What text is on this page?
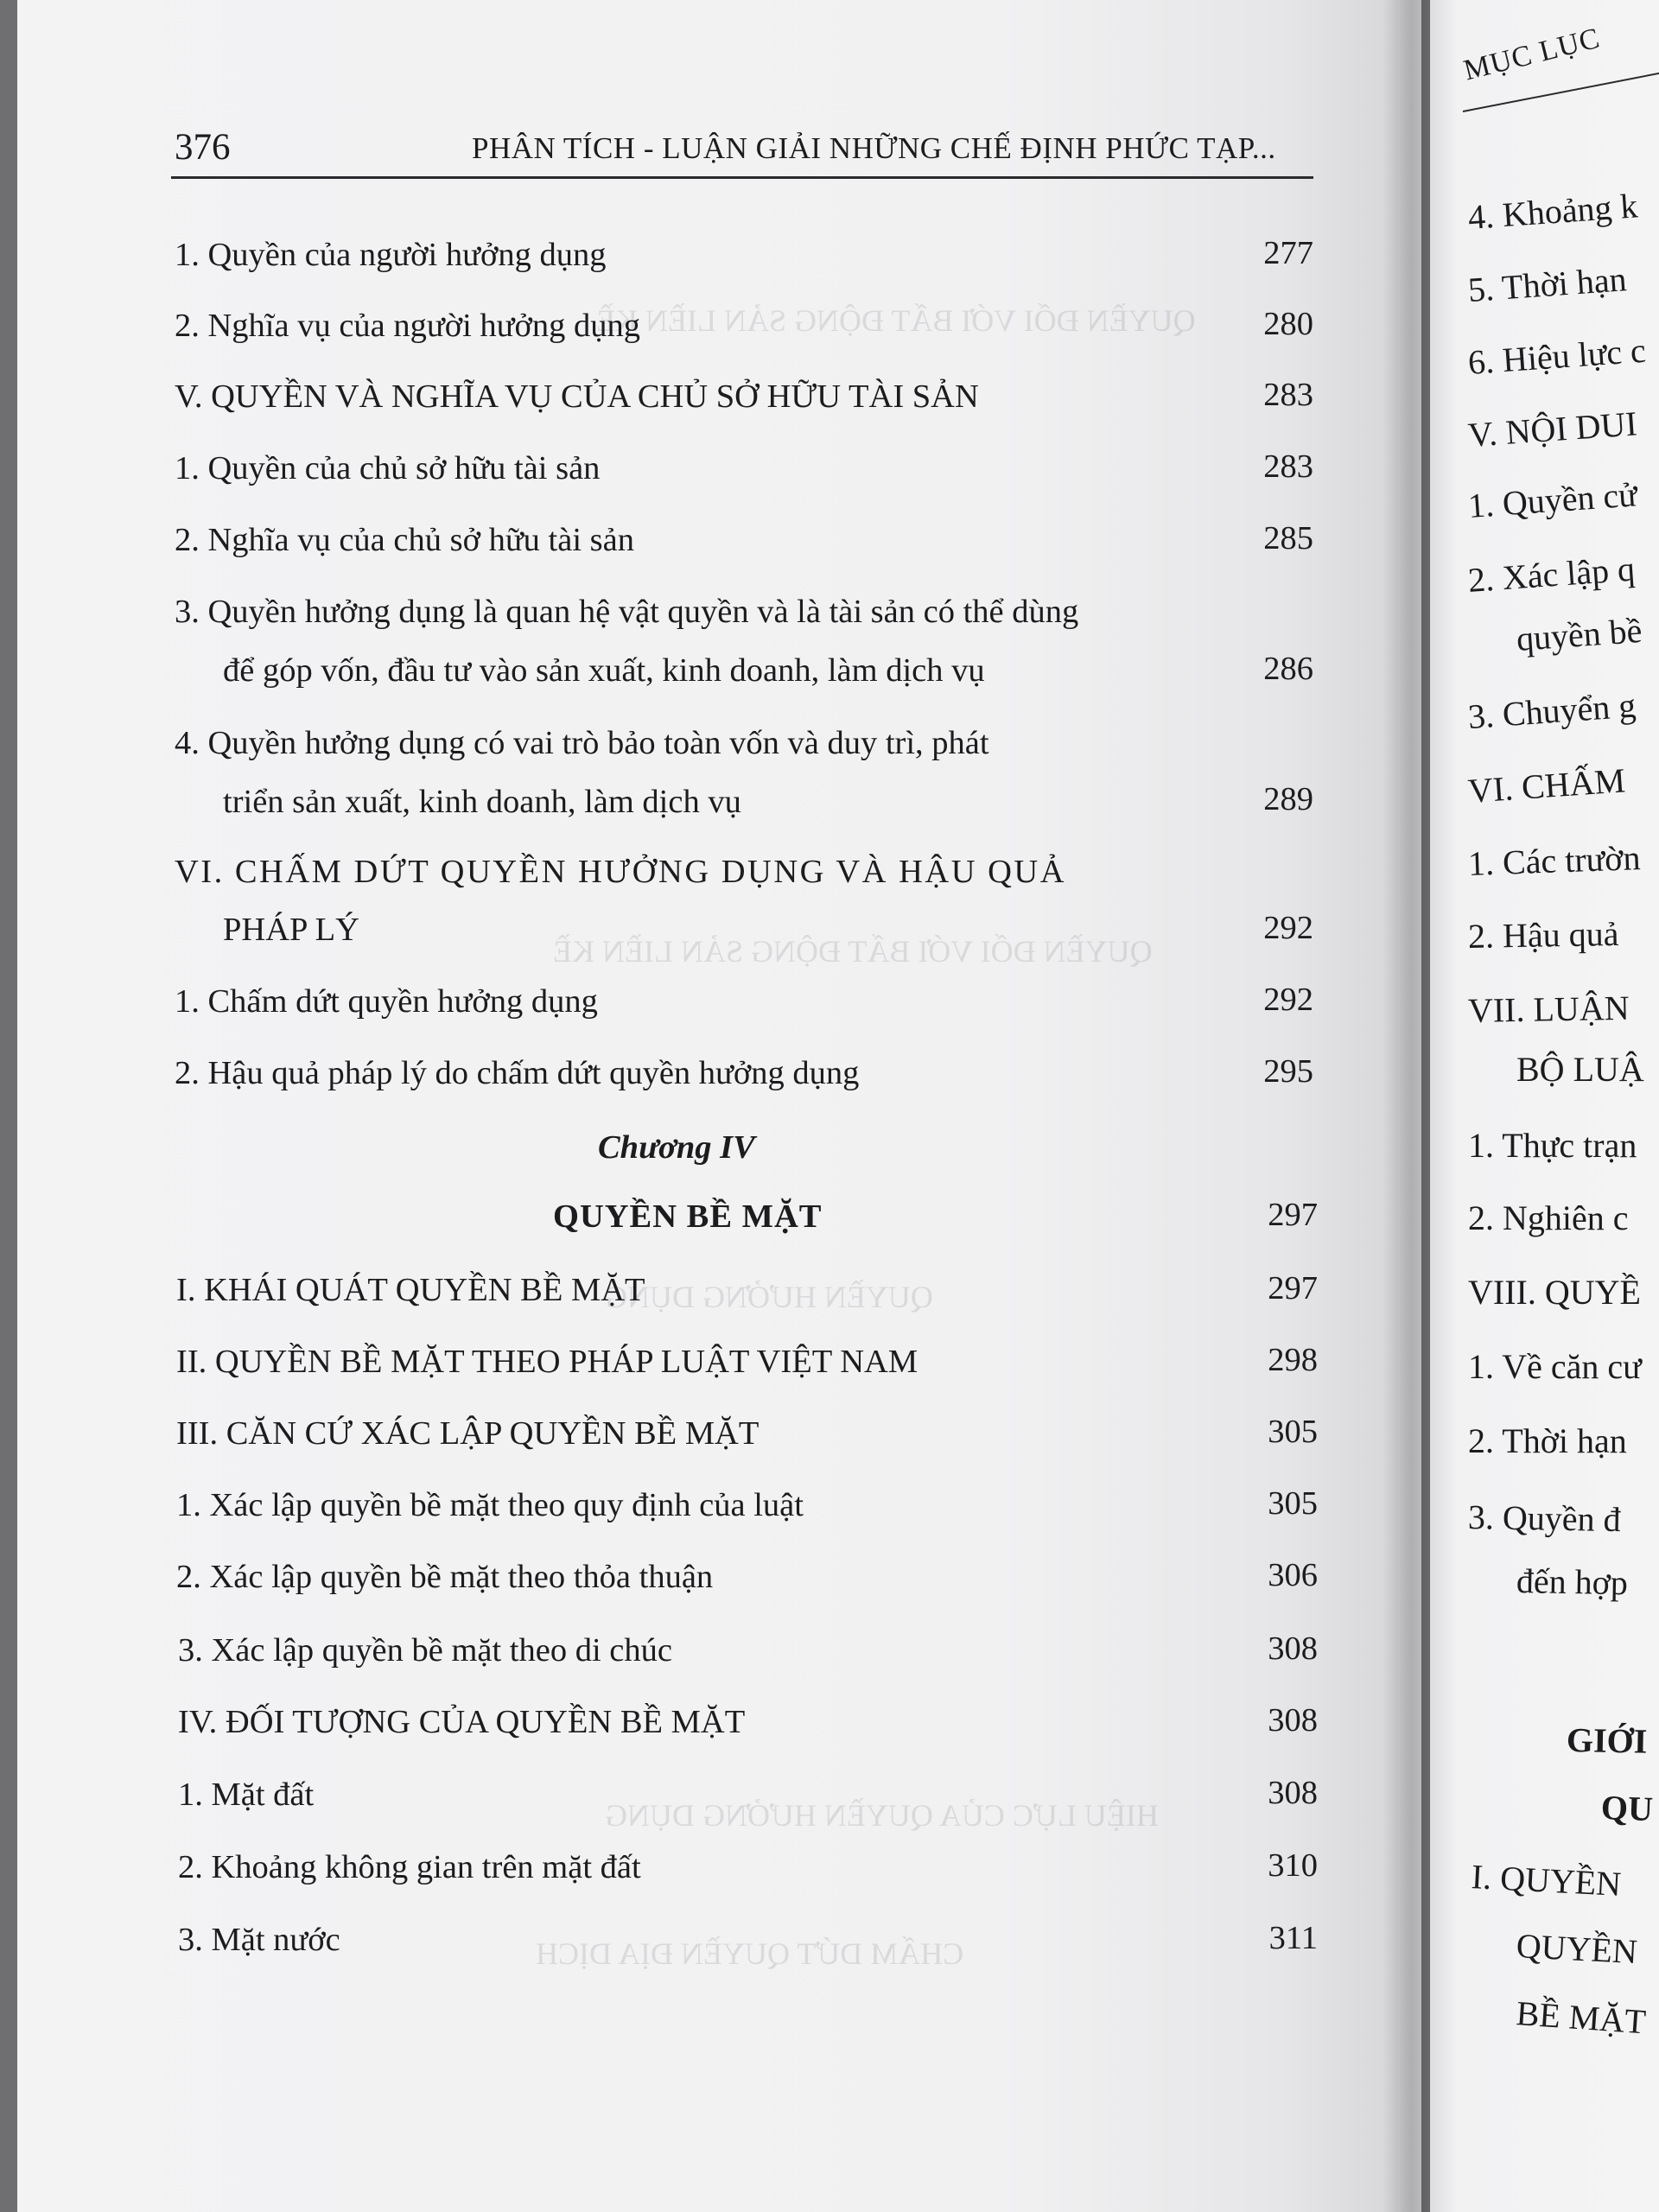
QUYỀN ĐỐI VỚI BẤT ĐỘNG SẢN LIỀN KỀ
QUYỀN ĐỐI VỚI BẤT ĐỘNG SẢN LIỀN KỀ
QUYỀN HƯỞNG DỤNG
HIỆU LỰC CỦA QUYỀN HƯỞNG DỤNG
CHẤM DỨT QUYỀN ĐỊA DỊCH
376	PHÂN TÍCH - LUẬN GIẢI NHỮNG CHẾ ĐỊNH PHỨC TẠP...
1. Quyền của người hưởng dụng	277
2. Nghĩa vụ của người hưởng dụng	280
V. QUYỀN VÀ NGHĨA VỤ CỦA CHỦ SỞ HỮU TÀI SẢN	283
1. Quyền của chủ sở hữu tài sản	283
2. Nghĩa vụ của chủ sở hữu tài sản	285
3. Quyền hưởng dụng là quan hệ vật quyền và là tài sản có thể dùng
để góp vốn, đầu tư vào sản xuất, kinh doanh, làm dịch vụ	286
4. Quyền hưởng dụng có vai trò bảo toàn vốn và duy trì, phát
triển sản xuất, kinh doanh, làm dịch vụ	289
VI. CHẤM DỨT QUYỀN HƯỞNG DỤNG VÀ HẬU QUẢ
PHÁP LÝ	292
1. Chấm dứt quyền hưởng dụng	292
2. Hậu quả pháp lý do chấm dứt quyền hưởng dụng	295
Chương IV
QUYỀN BỀ MẶT	297
I. KHÁI QUÁT QUYỀN BỀ MẶT	297
II. QUYỀN BỀ MẶT THEO PHÁP LUẬT VIỆT NAM	298
III. CĂN CỨ XÁC LẬP QUYỀN BỀ MẶT	305
1. Xác lập quyền bề mặt theo quy định của luật	305
2. Xác lập quyền bề mặt theo thỏa thuận	306
3. Xác lập quyền bề mặt theo di chúc	308
IV. ĐỐI TƯỢNG CỦA QUYỀN BỀ MẶT	308
1. Mặt đất	308
2. Khoảng không gian trên mặt đất	310
3. Mặt nước	311
MỤC LỤC
4. Khoảng k
5. Thời hạn
6. Hiệu lực c
V. NỘI DUI
1. Quyền cử
2. Xác lập q
quyền bề
3. Chuyển g
VI. CHẤM
1. Các trườn
2. Hậu quả
VII. LUẬN
BỘ LUẬ
1. Thực trạn
2. Nghiên c
VIII. QUYỀ
1. Về căn cư
2. Thời hạn
3. Quyền đ
đến hợp
GIỚI
QU
I. QUYỀN
QUYỀN
BỀ MẶT
